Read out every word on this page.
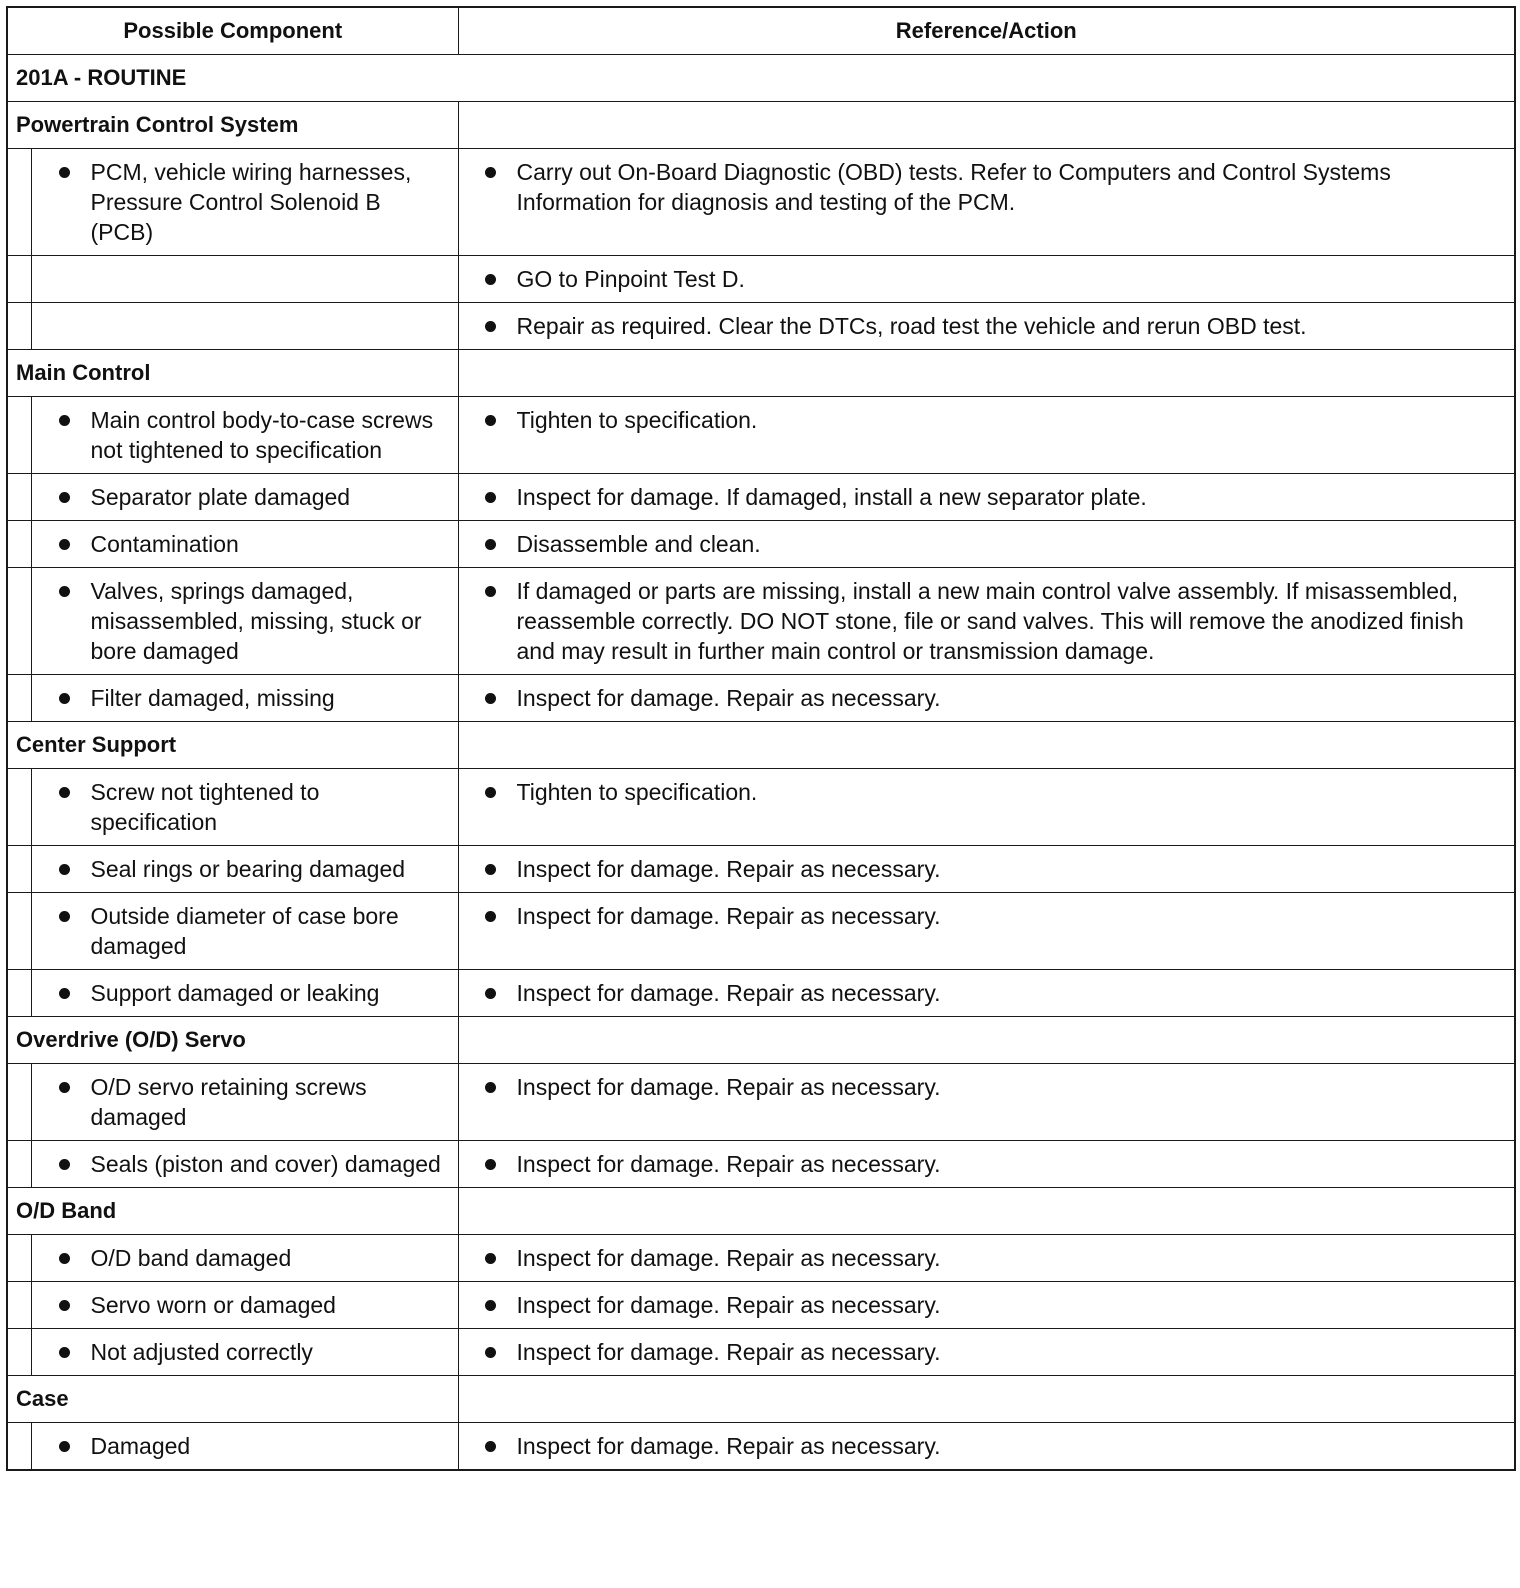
Possible Component		Reference/Action
201A - ROUTINE		
Powertrain Control System		

	PCM, vehicle wiring harnesses, Pressure Control Solenoid B (PCB)	Carry out On-Board Diagnostic (OBD) tests. Refer to Computers and Control Systems Information for diagnosis and testing of the PCM.

		GO to Pinpoint Test D.

		Repair as required. Clear the DTCs, road test the vehicle and rerun OBD test.

Main Control		

	Main control body-to-case screws not tightened to specification	Tighten to specification.

	Separator plate damaged	Inspect for damage. If damaged, install a new separator plate.

	Contamination	Disassemble and clean.

	Valves, springs damaged, misassembled, missing, stuck or bore damaged	If damaged or parts are missing, install a new main control valve assembly. If misassembled, reassemble correctly. DO NOT stone, file or sand valves. This will remove the anodized finish and may result in further main control or transmission damage.

	Filter damaged, missing	Inspect for damage. Repair as necessary.

Center Support		

	Screw not tightened to specification	Tighten to specification.

	Seal rings or bearing damaged	Inspect for damage. Repair as necessary.

	Outside diameter of case bore damaged	Inspect for damage. Repair as necessary.

	Support damaged or leaking	Inspect for damage. Repair as necessary.

Overdrive (O/D) Servo		

	O/D servo retaining screws damaged	Inspect for damage. Repair as necessary.

	Seals (piston and cover) damaged	Inspect for damage. Repair as necessary.

O/D Band		

	O/D band damaged	Inspect for damage. Repair as necessary.

	Servo worn or damaged	Inspect for damage. Repair as necessary.

	Not adjusted correctly	Inspect for damage. Repair as necessary.

Case		

	Damaged	Inspect for damage. Repair as necessary.
